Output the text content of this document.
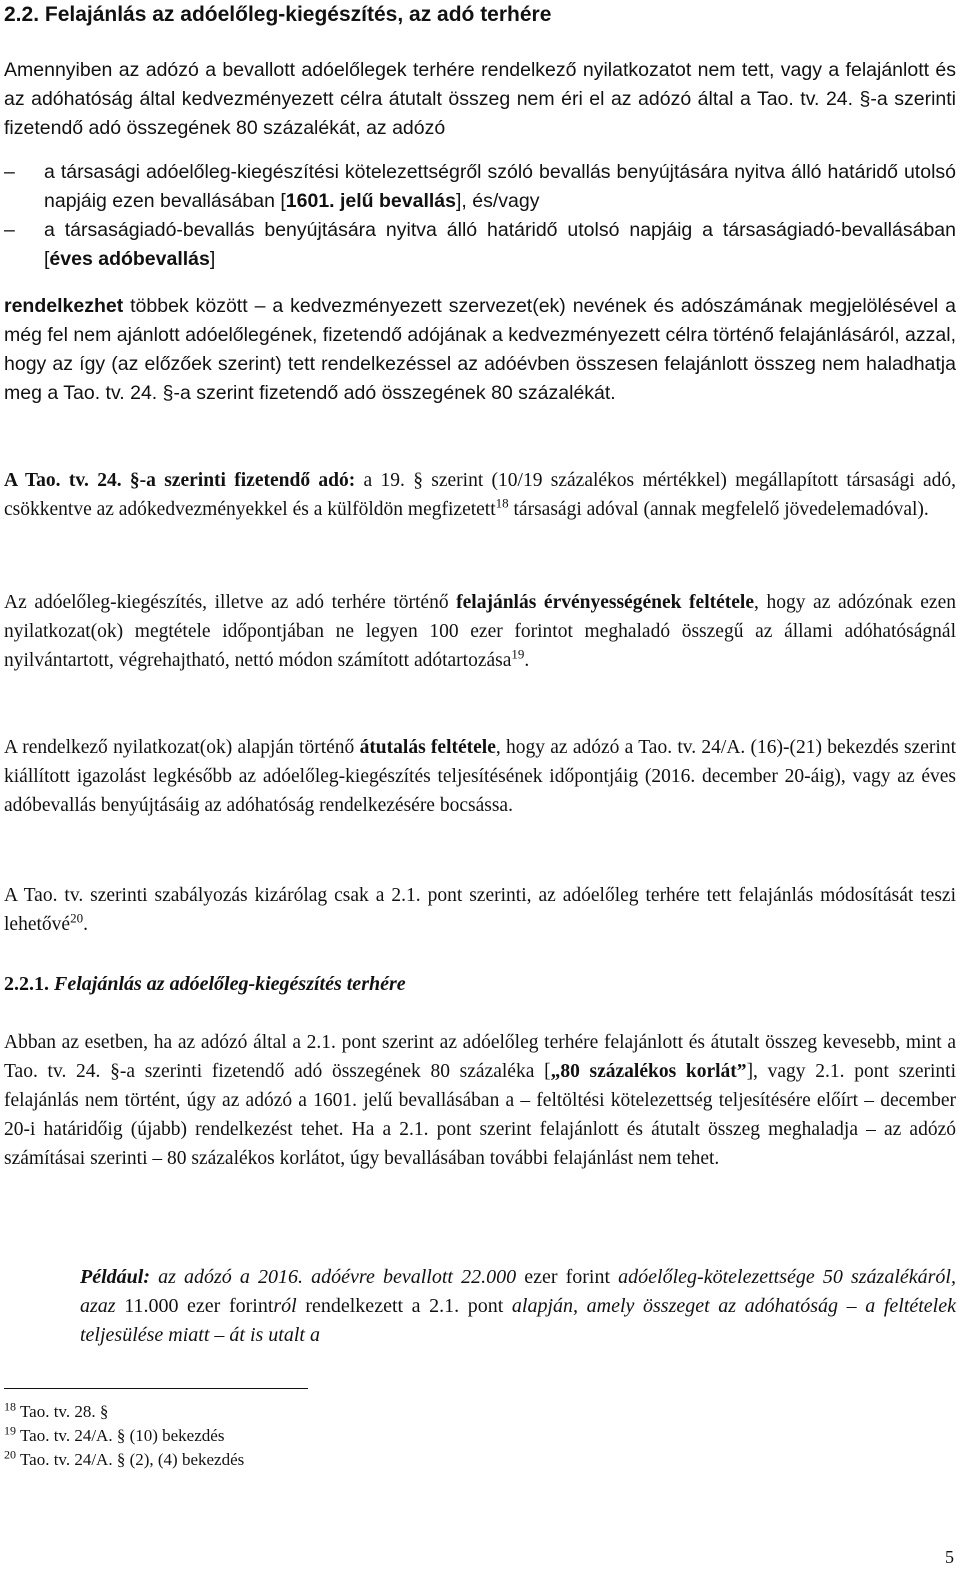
2.2. Felajánlás az adóelőleg-kiegészítés, az adó terhére

Amennyiben az adózó a bevallott adóelőlegek terhére rendelkező nyilatkozatot nem tett, vagy a felajánlott és az adóhatóság által kedvezményezett célra átutalt összeg nem éri el az adózó által a Tao. tv. 24. §-a szerinti fizetendő adó összegének 80 százalékát, az adózó

– a társasági adóelőleg-kiegészítési kötelezettségről szóló bevallás benyújtására nyitva álló határidő utolsó napjáig ezen bevallásában [1601. jelű bevallás], és/vagy

– a társaságiadó-bevallás benyújtására nyitva álló határidő utolsó napjáig a társaságiadó-bevallásában [éves adóbevallás]

rendelkezhet többek között – a kedvezményezett szervezet(ek) nevének és adószámának megjelölésével a még fel nem ajánlott adóelőlegének, fizetendő adójának a kedvezményezett célra történő felajánlásáról, azzal, hogy az így (az előzőek szerint) tett rendelkezéssel az adóévben összesen felajánlott összeg nem haladhatja meg a Tao. tv. 24. §-a szerint fizetendő adó összegének 80 százalékát.

A Tao. tv. 24. §-a szerinti fizetendő adó: a 19. § szerint (10/19 százalékos mértékkel) megállapított társasági adó, csökkentve az adókedvezményekkel és a külföldön megfizetett$^{18}$ társasági adóval (annak megfelelő jövedelemadóval).

Az adóelőleg-kiegészítés, illetve az adó terhére történő felajánlás érvényességének feltétele, hogy az adózónak ezen nyilatkozat(ok) megtétele időpontjában ne legyen 100 ezer forintot meghaladó összegű az állami adóhatóságnál nyilvántartott, végrehajtható, nettó módon számított adótartozása$^{19}$.

A rendelkező nyilatkozat(ok) alapján történő átutalás feltétele, hogy az adózó a Tao. tv. 24/A. (16)-(21) bekezdés szerint kiállított igazolást legkésőbb az adóelőleg-kiegészítés teljesítésének időpontjáig (2016. december 20-áig), vagy az éves adóbevallás benyújtásáig az adóhatóság rendelkezésére bocsássa.

A Tao. tv. szerinti szabályozás kizárólag csak a 2.1. pont szerinti, az adóelőleg terhére tett felajánlás módosítását teszi lehetővé$^{20}$.

2.2.1. Felajánlás az adóelőleg-kiegészítés terhére

Abban az esetben, ha az adózó által a 2.1. pont szerint az adóelőleg terhére felajánlott és átutalt összeg kevesebb, mint a Tao. tv. 24. §-a szerinti fizetendő adó összegének 80 százaléka [„80 százalékos korlát”], vagy 2.1. pont szerinti felajánlás nem történt, úgy az adózó a 1601. jelű bevallásában a – feltöltési kötelezettség teljesítésére előírt – december 20-i határidőig (újabb) rendelkezést tehet. Ha a 2.1. pont szerint felajánlott és átutalt összeg meghaladja – az adózó számításai szerinti – 80 százalékos korlátot, úgy bevallásában további felajánlást nem tehet.

Például: az adózó a 2016. adóévre bevallott 22.000 ezer forint adóelőleg-kötelezettsége 50 százalékáról, azaz 11.000 ezer forintról rendelkezett a 2.1. pont alapján, amely összeget az adóhatóság – a feltételek teljesülése miatt – át is utalt a

$^{18}$ Tao. tv. 28. §
$^{19}$ Tao. tv. 24/A. § (10) bekezdés
$^{20}$ Tao. tv. 24/A. § (2), (4) bekezdés
5
